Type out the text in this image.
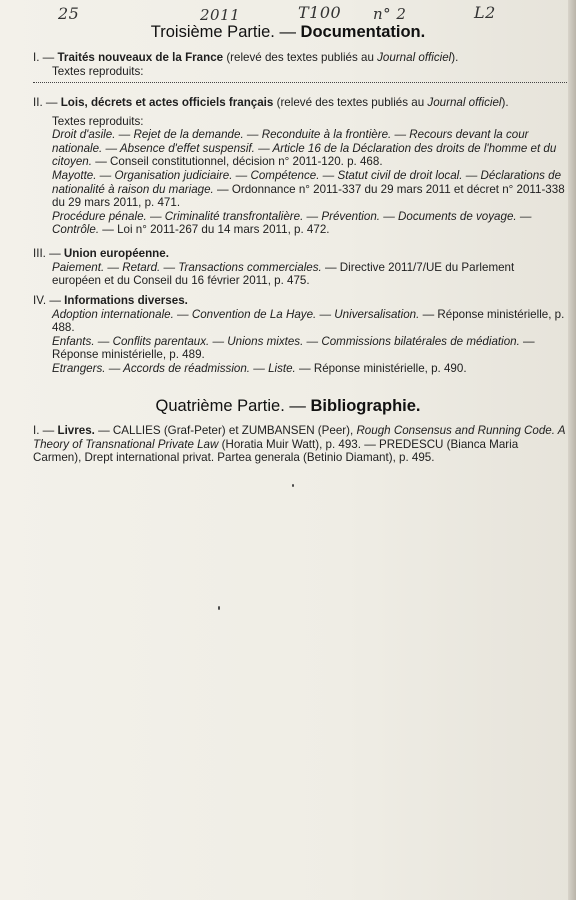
25	2011	T100 n° 2	L2
Troisième Partie. — Documentation.
I. — Traités nouveaux de la France (relevé des textes publiés au Journal officiel).
Textes reproduits:
II. — Lois, décrets et actes officiels français (relevé des textes publiés au Journal officiel).
Textes reproduits:
Droit d'asile. — Rejet de la demande. — Reconduite à la frontière. — Recours devant la cour nationale. — Absence d'effet suspensif. — Article 16 de la Déclaration des droits de l'homme et du citoyen. — Conseil constitutionnel, décision n° 2011-120. p. 468.
Mayotte. — Organisation judiciaire. — Compétence. — Statut civil de droit local. — Déclarations de nationalité à raison du mariage. — Ordonnance n° 2011-337 du 29 mars 2011 et décret n° 2011-338 du 29 mars 2011, p. 471.
Procédure pénale. — Criminalité transfrontalière. — Prévention. — Documents de voyage. — Contrôle. — Loi n° 2011-267 du 14 mars 2011, p. 472.
III. — Union européenne.
Paiement. — Retard. — Transactions commerciales. — Directive 2011/7/UE du Parlement européen et du Conseil du 16 février 2011, p. 475.
IV. — Informations diverses.
Adoption internationale. — Convention de La Haye. — Universalisation. — Réponse ministérielle, p. 488.
Enfants. — Conflits parentaux. — Unions mixtes. — Commissions bilatérales de médiation. — Réponse ministérielle, p. 489.
Etrangers. — Accords de réadmission. — Liste. — Réponse ministérielle, p. 490.
Quatrième Partie. — Bibliographie.
I. — Livres. — CALLIES (Graf-Peter) et ZUMBANSEN (Peer), Rough Consensus and Running Code. A Theory of Transnational Private Law (Horatia Muir Watt), p. 493. — PREDESCU (Bianca Maria Carmen), Drept international privat. Partea generala (Betinio Diamant), p. 495.
